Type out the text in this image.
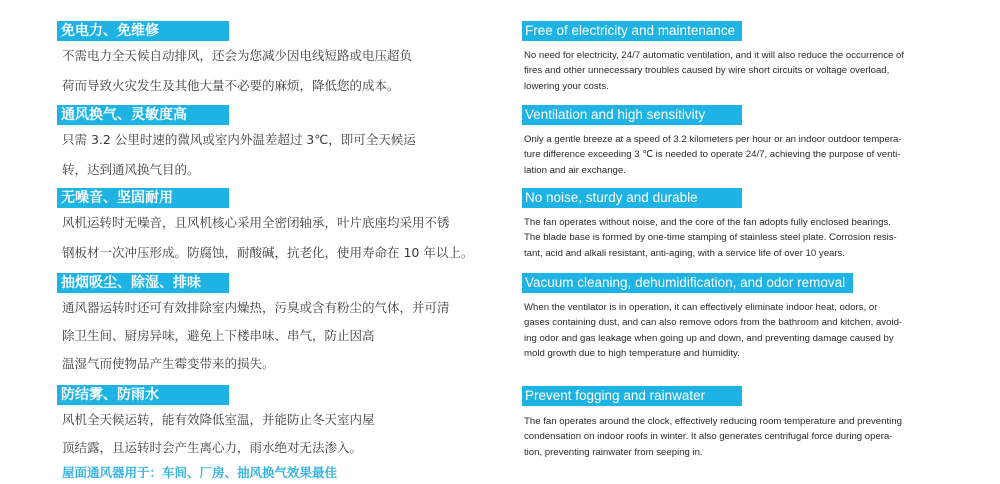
免电力、免维修
不需电力全天候自动排风，还会为您减少因电线短路或电压超负
荷而导致火灾发生及其他大量不必要的麻烦，降低您的成本。
通风换气、灵敏度高
只需 3.2 公里时速的微风或室内外温差超过 3℃，即可全天候运
转，达到通风换气目的。
无噪音、坚固耐用
风机运转时无噪音，且风机核心采用全密闭轴承，叶片底座均采用不锈
钢板材一次冲压形成。防腐蚀，耐酸碱，抗老化，使用寿命在 10 年以上。
抽烟吸尘、除湿、排味
通风器运转时还可有效排除室内燥热，污臭或含有粉尘的气体，并可清
除卫生间、厨房异味，避免上下楼串味、串气，防止因高
温湿气而使物品产生霉变带来的损失。
防结雾、防雨水
风机全天候运转，能有效降低室温，并能防止冬天室内屋
顶结露，且运转时会产生离心力，雨水绝对无法渗入。
屋面通风器用于：车间、厂房、抽风换气效果最佳
Free of electricity and maintenance
No need for electricity, 24/7 automatic ventilation, and it will also reduce the occurrence of
fires and other unnecessary troubles caused by wire short circuits or voltage overload,
lowering your costs.
Ventilation and high sensitivity
Only a gentle breeze at a speed of 3.2 kilometers per hour or an indoor outdoor tempera-
ture difference exceeding 3 ℃ is needed to operate 24/7, achieving the purpose of venti-
lation and air exchange.
No noise, sturdy and durable
The fan operates without noise, and the core of the fan adopts fully enclosed bearings.
The blade base is formed by one-time stamping of stainless steel plate. Corrosion resis-
tant, acid and alkali resistant, anti-aging, with a service life of over 10 years.
Vacuum cleaning, dehumidification, and odor removal
When the ventilator is in operation, it can effectively eliminate indoor heat, odors, or
gases containing dust, and can also remove odors from the bathroom and kitchen, avoid-
ing odor and gas leakage when going up and down, and preventing damage caused by
mold growth due to high temperature and humidity.
Prevent fogging and rainwater
The fan operates around the clock, effectively reducing room temperature and preventing
condensation on indoor roofs in winter. It also generates centrifugal force during opera-
tion, preventing rainwater from seeping in.
